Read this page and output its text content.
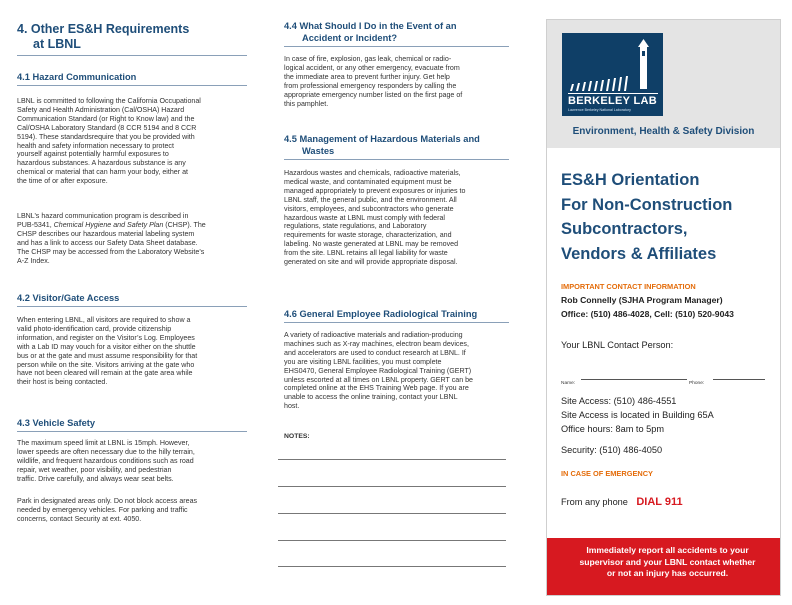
4. Other ES&H Requirements
at LBNL
4.1 Hazard Communication

LBNL is committed to following the California Occupational

Safety and Health Administration (Cal/OSHA) Hazard

Communication Standard (or Right to Know law) and the

Cal/OSHA Laboratory Standard (8 CCR 5194 and 8 CCR

5194). These standardsrequire that you be provided with

health and safety information necessary to protect

yourself against potentially harmful exposures to

hazardous substances. A hazardous substance is any

chemical or material that can harm your body, either at

the time of or after exposure.

LBNL’s hazard communication program is described in

PUB-5341, Chemical Hygiene and Safety Plan (CHSP). The

CHSP describes our hazardous material labeling system

and has a link to access our Safety Data Sheet database.

The CHSP may be accessed from the Laboratory Website’s

A-Z Index.

4.2 Visitor/Gate Access

When entering LBNL, all visitors are required to show a

valid photo-identification card, provide citizenship

information, and register on the Visitor’s Log. Employees

with a Lab ID may vouch for a visitor either on the shuttle

bus or at the gate and must assume responsibility for that

person while on the site. Visitors arriving at the gate who

have not been cleared will remain at the gate area while

their host is being contacted.

4.3 Vehicle Safety

The maximum speed limit at LBNL is 15mph. However,

lower speeds are often necessary due to the hilly terrain,

wildlife, and frequent hazardous conditions such as road

repair, wet weather, poor visibility, and pedestrian

traffic. Drive carefully, and always wear seat belts.

Park in designated areas only. Do not block access areas

needed by emergency vehicles. For parking and traffic

concerns, contact Security at ext. 4050.

4.4 What Should I Do in the Event of an
Accident or Incident?

In case of fire, explosion, gas leak, chemical or radio-

logical accident, or any other emergency, evacuate from

the immediate area to prevent further injury. Get help

from professional emergency responders by calling the

appropriate emergency number listed on the first page of

this pamphlet.

4.5 Management of Hazardous Materials and
Wastes

Hazardous wastes and chemicals, radioactive materials,

medical waste, and contaminated equipment must be

managed appropriately to prevent exposures or injuries to

LBNL staff, the general public, and the environment. All

visitors, employees, and subcontractors who generate

hazardous waste at LBNL must comply with federal

regulations, state regulations, and Laboratory

requirements for waste storage, characterization, and

labeling. No waste generated at LBNL may be removed

from the site. LBNL retains all legal liability for waste

generated on site and will provide appropriate disposal.

4.6 General Employee Radiological Training

A variety of radioactive materials and radiation-producing

machines such as X-ray machines, electron beam devices,

and accelerators are used to conduct research at LBNL. If

you are visiting LBNL facilities, you must complete

EHS0470, General Employee Radiological Training (GERT)

unless escorted at all times on LBNL property. GERT can be

completed online at the EHS Training Web page. If you are

unable to access the online training, contact your LBNL

host.

NOTES:
BERKELEY LAB
Lawrence Berkeley National Laboratory
Environment, Health & Safety Division
ES&H Orientation
For Non-Construction
Subcontractors,
Vendors & Affiliates
IMPORTANT CONTACT INFORMATION
Rob Connelly (SJHA Program Manager)
Office: (510) 486-4028, Cell: (510) 520-9043
Your LBNL Contact Person:
Name:	Phone:
Site Access: (510) 486-4551
Site Access is located in Building 65A
Office hours: 8am to 5pm
Security: (510) 486-4050
IN CASE OF EMERGENCY
From any phone DIAL 911
Immediately report all accidents to your
supervisor and your LBNL contact whether
or not an injury has occurred.
